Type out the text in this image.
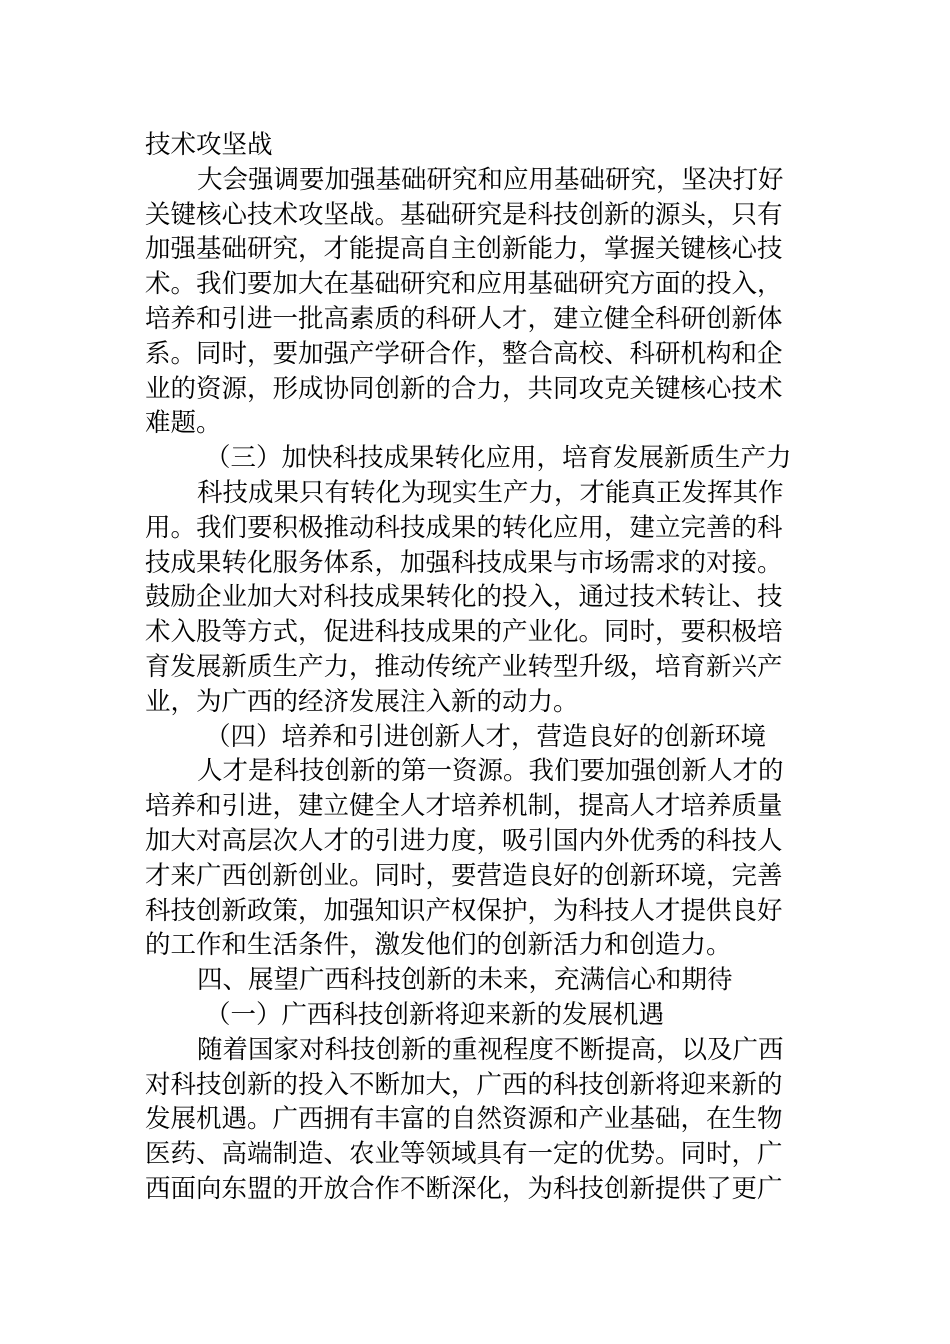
技术攻坚战
大会强调要加强基础研究和应用基础研究，坚决打好
关键核心技术攻坚战。基础研究是科技创新的源头，只有
加强基础研究，才能提高自主创新能力，掌握关键核心技
术。我们要加大在基础研究和应用基础研究方面的投入，
培养和引进一批高素质的科研人才，建立健全科研创新体
系。同时，要加强产学研合作，整合高校、科研机构和企
业的资源，形成协同创新的合力，共同攻克关键核心技术
难题。
（三）加快科技成果转化应用，培育发展新质生产力
科技成果只有转化为现实生产力，才能真正发挥其作
用。我们要积极推动科技成果的转化应用，建立完善的科
技成果转化服务体系，加强科技成果与市场需求的对接。
鼓励企业加大对科技成果转化的投入，通过技术转让、技
术入股等方式，促进科技成果的产业化。同时，要积极培
育发展新质生产力，推动传统产业转型升级，培育新兴产
业，为广西的经济发展注入新的动力。
（四）培养和引进创新人才，营造良好的创新环境
人才是科技创新的第一资源。我们要加强创新人才的
培养和引进，建立健全人才培养机制，提高人才培养质量
加大对高层次人才的引进力度，吸引国内外优秀的科技人
才来广西创新创业。同时，要营造良好的创新环境，完善
科技创新政策，加强知识产权保护，为科技人才提供良好
的工作和生活条件，激发他们的创新活力和创造力。
四、展望广西科技创新的未来，充满信心和期待
（一）广西科技创新将迎来新的发展机遇
随着国家对科技创新的重视程度不断提高，以及广西
对科技创新的投入不断加大，广西的科技创新将迎来新的
发展机遇。广西拥有丰富的自然资源和产业基础，在生物
医药、高端制造、农业等领域具有一定的优势。同时，广
西面向东盟的开放合作不断深化，为科技创新提供了更广
